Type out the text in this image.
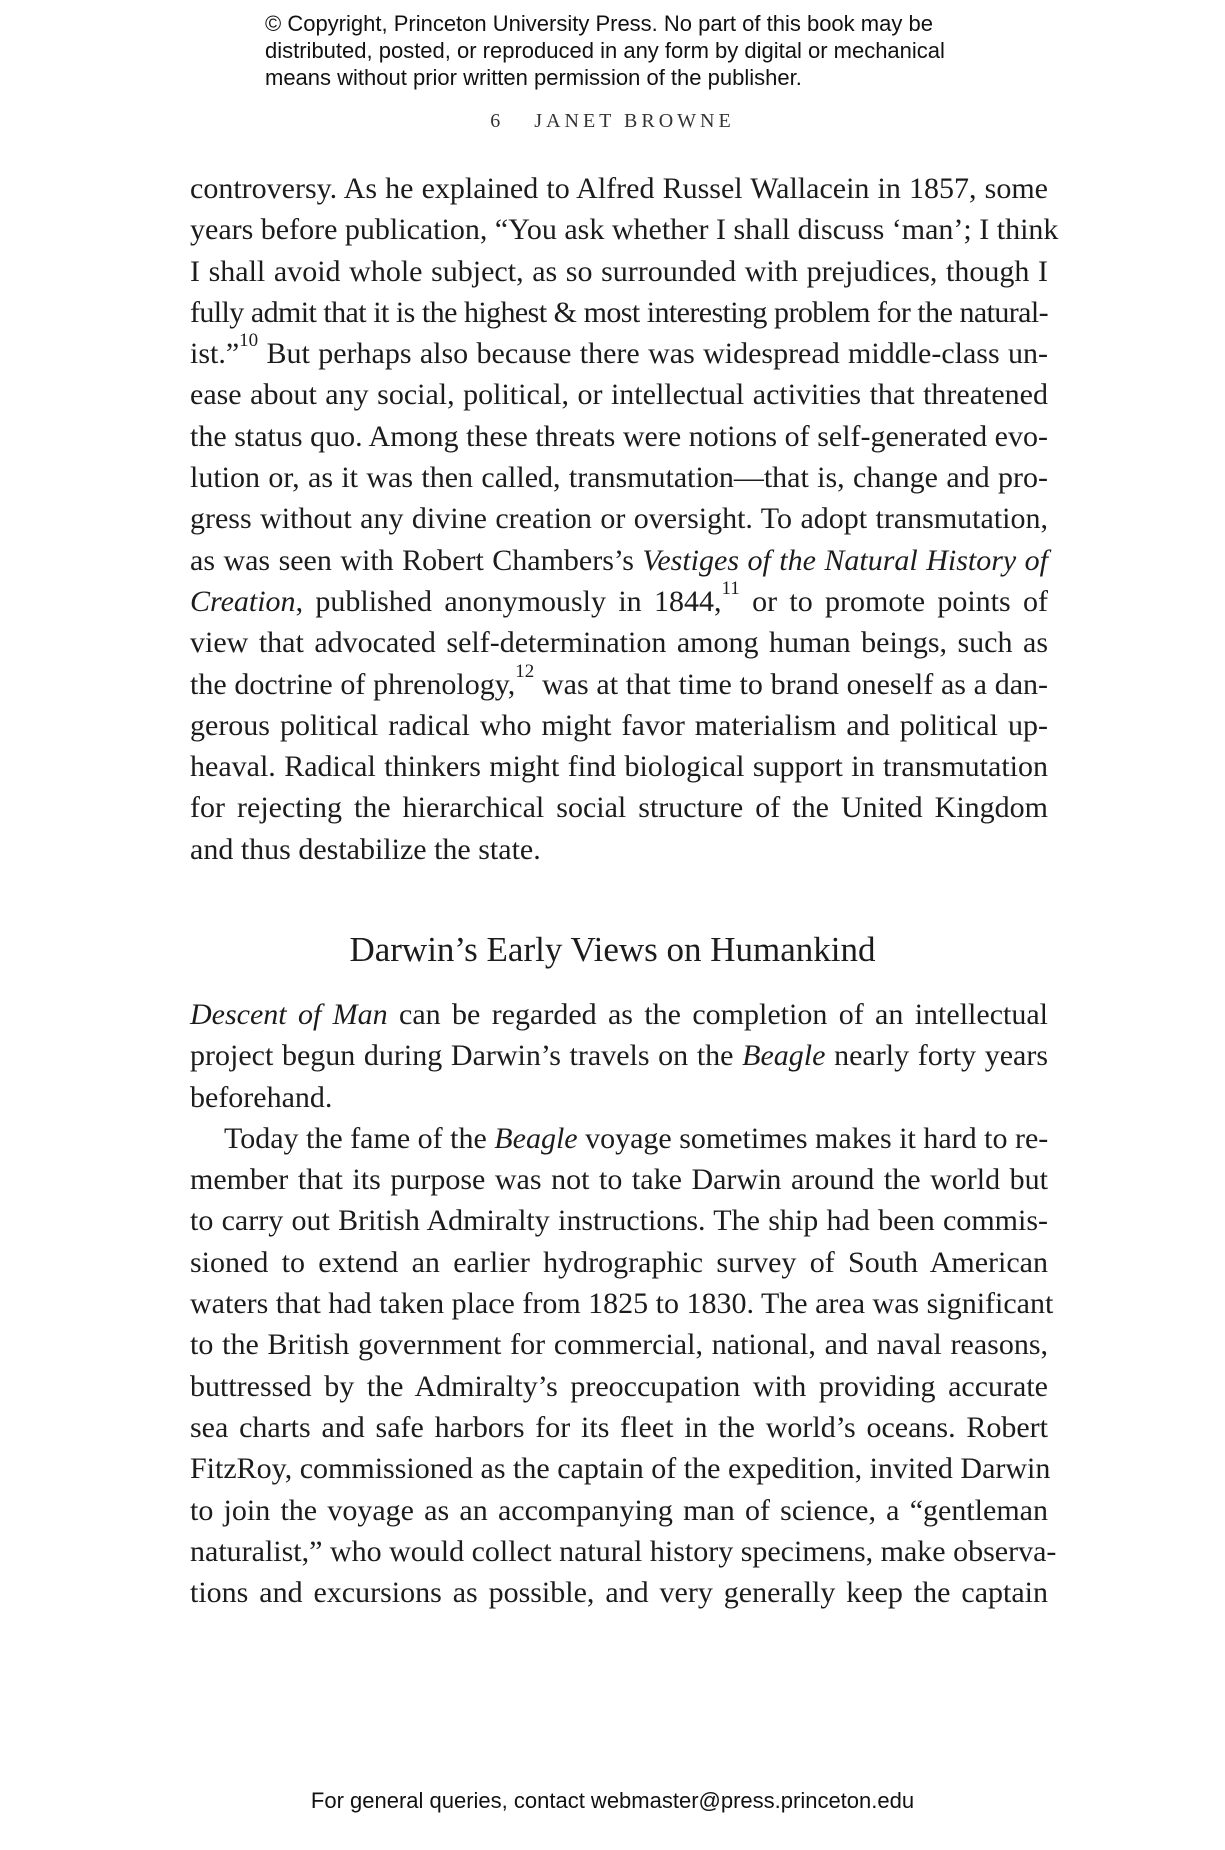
© Copyright, Princeton University Press. No part of this book may be
distributed, posted, or reproduced in any form by digital or mechanical
means without prior written permission of the publisher.
6 JANET BROWNE
controversy. As he explained to Alfred Russel Wallacein in 1857, some
years before publication, “You ask whether I shall discuss ‘man’; I think
I shall avoid whole subject, as so surrounded with prejudices, though I
fully admit that it is the highest & most interesting problem for the natural-
ist.”$^{10}$ But perhaps also because there was widespread middle-class un-
ease about any social, political, or intellectual activities that threatened
the status quo. Among these threats were notions of self-generated evo-
lution or, as it was then called, transmutation—that is, change and pro-
gress without any divine creation or oversight. To adopt transmutation,
as was seen with Robert Chambers’s Vestiges of the Natural History of
Creation, published anonymously in 1844,11 or to promote points of
view that advocated self-determination among human beings, such as
the doctrine of phrenology,$^{12}$ was at that time to brand oneself as a dan-
gerous political radical who might favor materialism and political up-
heaval. Radical thinkers might find biological support in transmutation
for rejecting the hierarchical social structure of the United Kingdom
and thus destabilize the state.
Darwin’s Early Views on Humankind
Descent of Man can be regarded as the completion of an intellectual
project begun during Darwin’s travels on the Beagle nearly forty years
beforehand.
Today the fame of the Beagle voyage sometimes makes it hard to re-
member that its purpose was not to take Darwin around the world but
to carry out British Admiralty instructions. The ship had been commis-
sioned to extend an earlier hydrographic survey of South American
waters that had taken place from 1825 to 1830. The area was significant
to the British government for commercial, national, and naval reasons,
buttressed by the Admiralty’s preoccupation with providing accurate
sea charts and safe harbors for its fleet in the world’s oceans. Robert
FitzRoy, commissioned as the captain of the expedition, invited Darwin
to join the voyage as an accompanying man of science, a “gentleman
naturalist,” who would collect natural history specimens, make observa-
tions and excursions as possible, and very generally keep the captain
For general queries, contact webmaster@press.princeton.edu
